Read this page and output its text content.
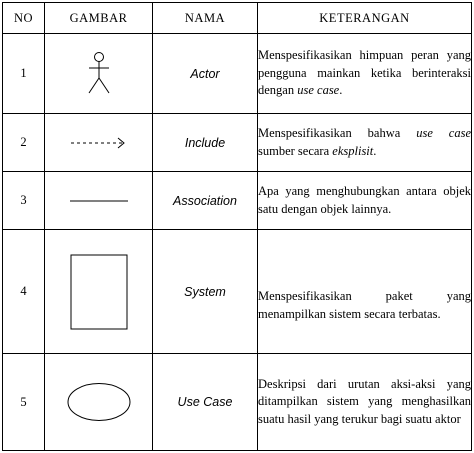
NO	GAMBAR	NAMA	KETERANGAN
1		Actor	Menspesifikasikan himpuan peran yang pengguna mainkan ketika berinteraksi dengan use case.
2		Include	Menspesifikasikan bahwa use case sumber secara eksplisit.
3		Association	Apa yang menghubungkan antara objek satu dengan objek lainnya.
4		System	Menspesifikasikan paket yang menampilkan sistem secara terbatas.
5		Use Case	Deskripsi dari urutan aksi-aksi yang ditampilkan sistem yang menghasilkan suatu hasil yang terukur bagi suatu aktor
